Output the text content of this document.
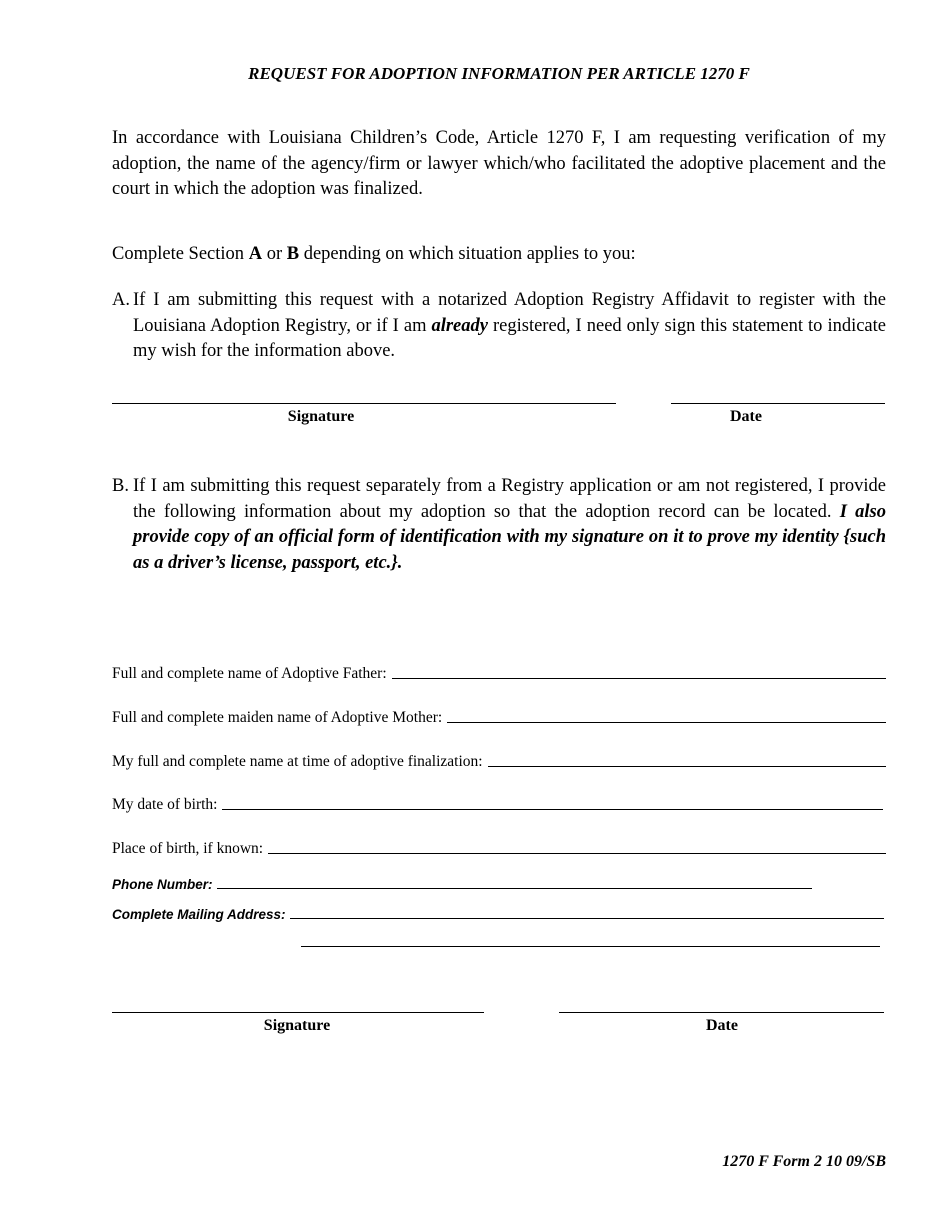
REQUEST FOR ADOPTION INFORMATION PER ARTICLE 1270 F
In accordance with Louisiana Children’s Code, Article 1270 F, I am requesting verification of my adoption, the name of the agency/firm or lawyer which/who facilitated the adoptive placement and the court in which the adoption was finalized.
Complete Section A or B depending on which situation applies to you:
A. If I am submitting this request with a notarized Adoption Registry Affidavit to register with the Louisiana Adoption Registry, or if I am already registered, I need only sign this statement to indicate my wish for the information above.
Signature	Date
B. If I am submitting this request separately from a Registry application or am not registered, I provide the following information about my adoption so that the adoption record can be located. I also provide copy of an official form of identification with my signature on it to prove my identity {such as a driver’s license, passport, etc.}.
Full and complete name of Adoptive Father:
Full and complete maiden name of Adoptive Mother:
My full and complete name at time of adoptive finalization:
My date of birth:
Place of birth, if known:
Phone Number:
Complete Mailing Address:
Signature	Date
1270 F Form 2 10 09/SB
